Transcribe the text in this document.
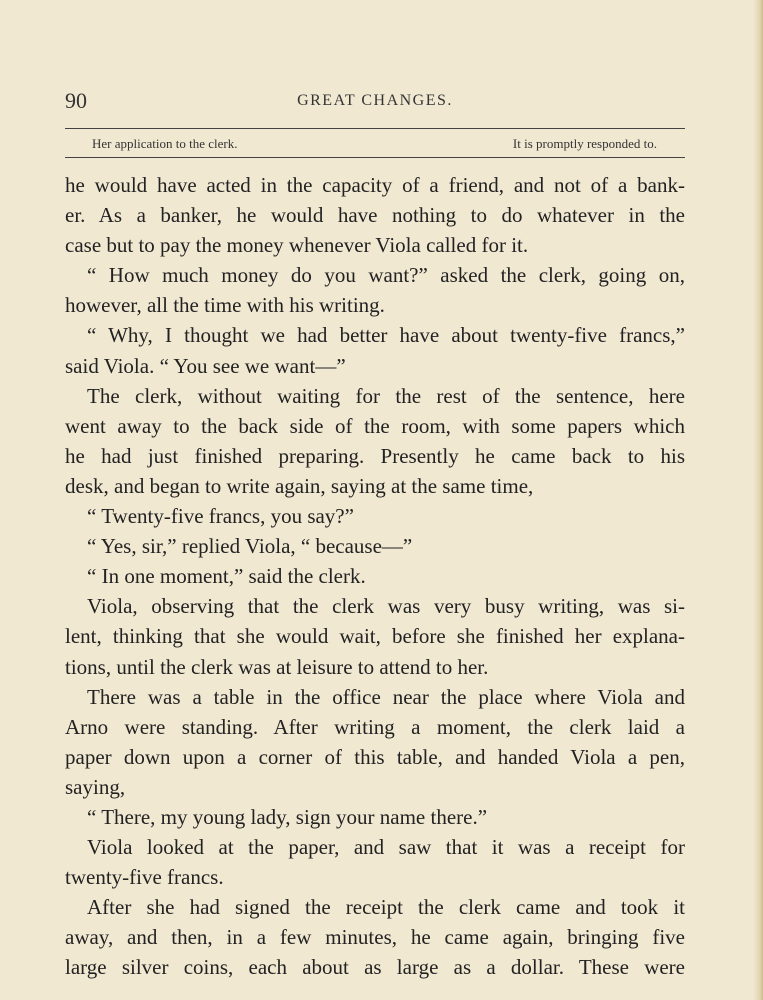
90	GREAT CHANGES.
Her application to the clerk.	It is promptly responded to.
he would have acted in the capacity of a friend, and not of a bank-
er. As a banker, he would have nothing to do whatever in the
case but to pay the money whenever Viola called for it.
“ How much money do you want?” asked the clerk, going on,
however, all the time with his writing.
“ Why, I thought we had better have about twenty-five francs,”
said Viola. “ You see we want—”
The clerk, without waiting for the rest of the sentence, here
went away to the back side of the room, with some papers which
he had just finished preparing. Presently he came back to his
desk, and began to write again, saying at the same time,
“ Twenty-five francs, you say?”
“ Yes, sir,” replied Viola, “ because—”
“ In one moment,” said the clerk.
Viola, observing that the clerk was very busy writing, was si-
lent, thinking that she would wait, before she finished her explana-
tions, until the clerk was at leisure to attend to her.
There was a table in the office near the place where Viola and
Arno were standing. After writing a moment, the clerk laid a
paper down upon a corner of this table, and handed Viola a pen,
saying,
“ There, my young lady, sign your name there.”
Viola looked at the paper, and saw that it was a receipt for
twenty-five francs.
After she had signed the receipt the clerk came and took it
away, and then, in a few minutes, he came again, bringing five
large silver coins, each about as large as a dollar. These were
